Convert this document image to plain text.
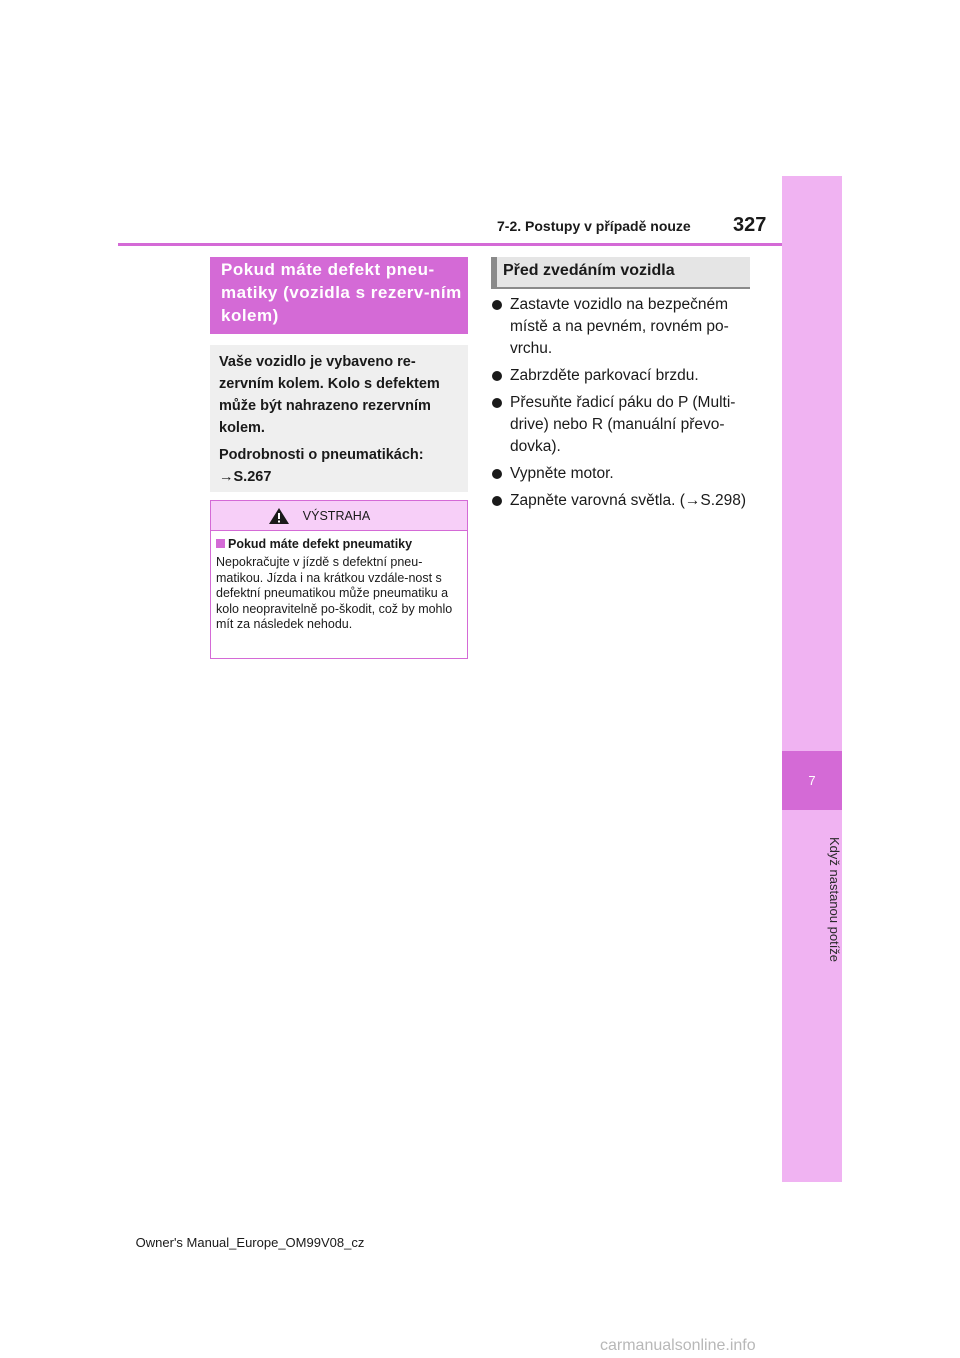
7-2. Postupy v případě nouze 327
7
Když nastanou potíže
Pokud máte defekt pneu-matiky (vozidla s rezerv-ním kolem)

Vaše vozidlo je vybaveno re-zervním kolem. Kolo s defektem může být nahrazeno rezervním kolem.

Podrobnosti o pneumatikách:

→S.267

VÝSTRAHA
Pokud máte defekt pneumatiky
Nepokračujte v jízdě s defektní pneu-matikou. Jízda i na krátkou vzdále-nost s defektní pneumatikou může pneumatiku a kolo neopravitelně po-škodit, což by mohlo mít za následek nehodu.
Před zvedáním vozidla
Zastavte vozidlo na bezpečném místě a na pevném, rovném po-vrchu.
Zabrzděte parkovací brzdu.
Přesuňte řadicí páku do P (Multi-drive) nebo R (manuální převo-dovka).
Vypněte motor.
Zapněte varovná světla. (→S.298)
Owner's Manual_Europe_OM99V08_cz
carmanualsonline.info
